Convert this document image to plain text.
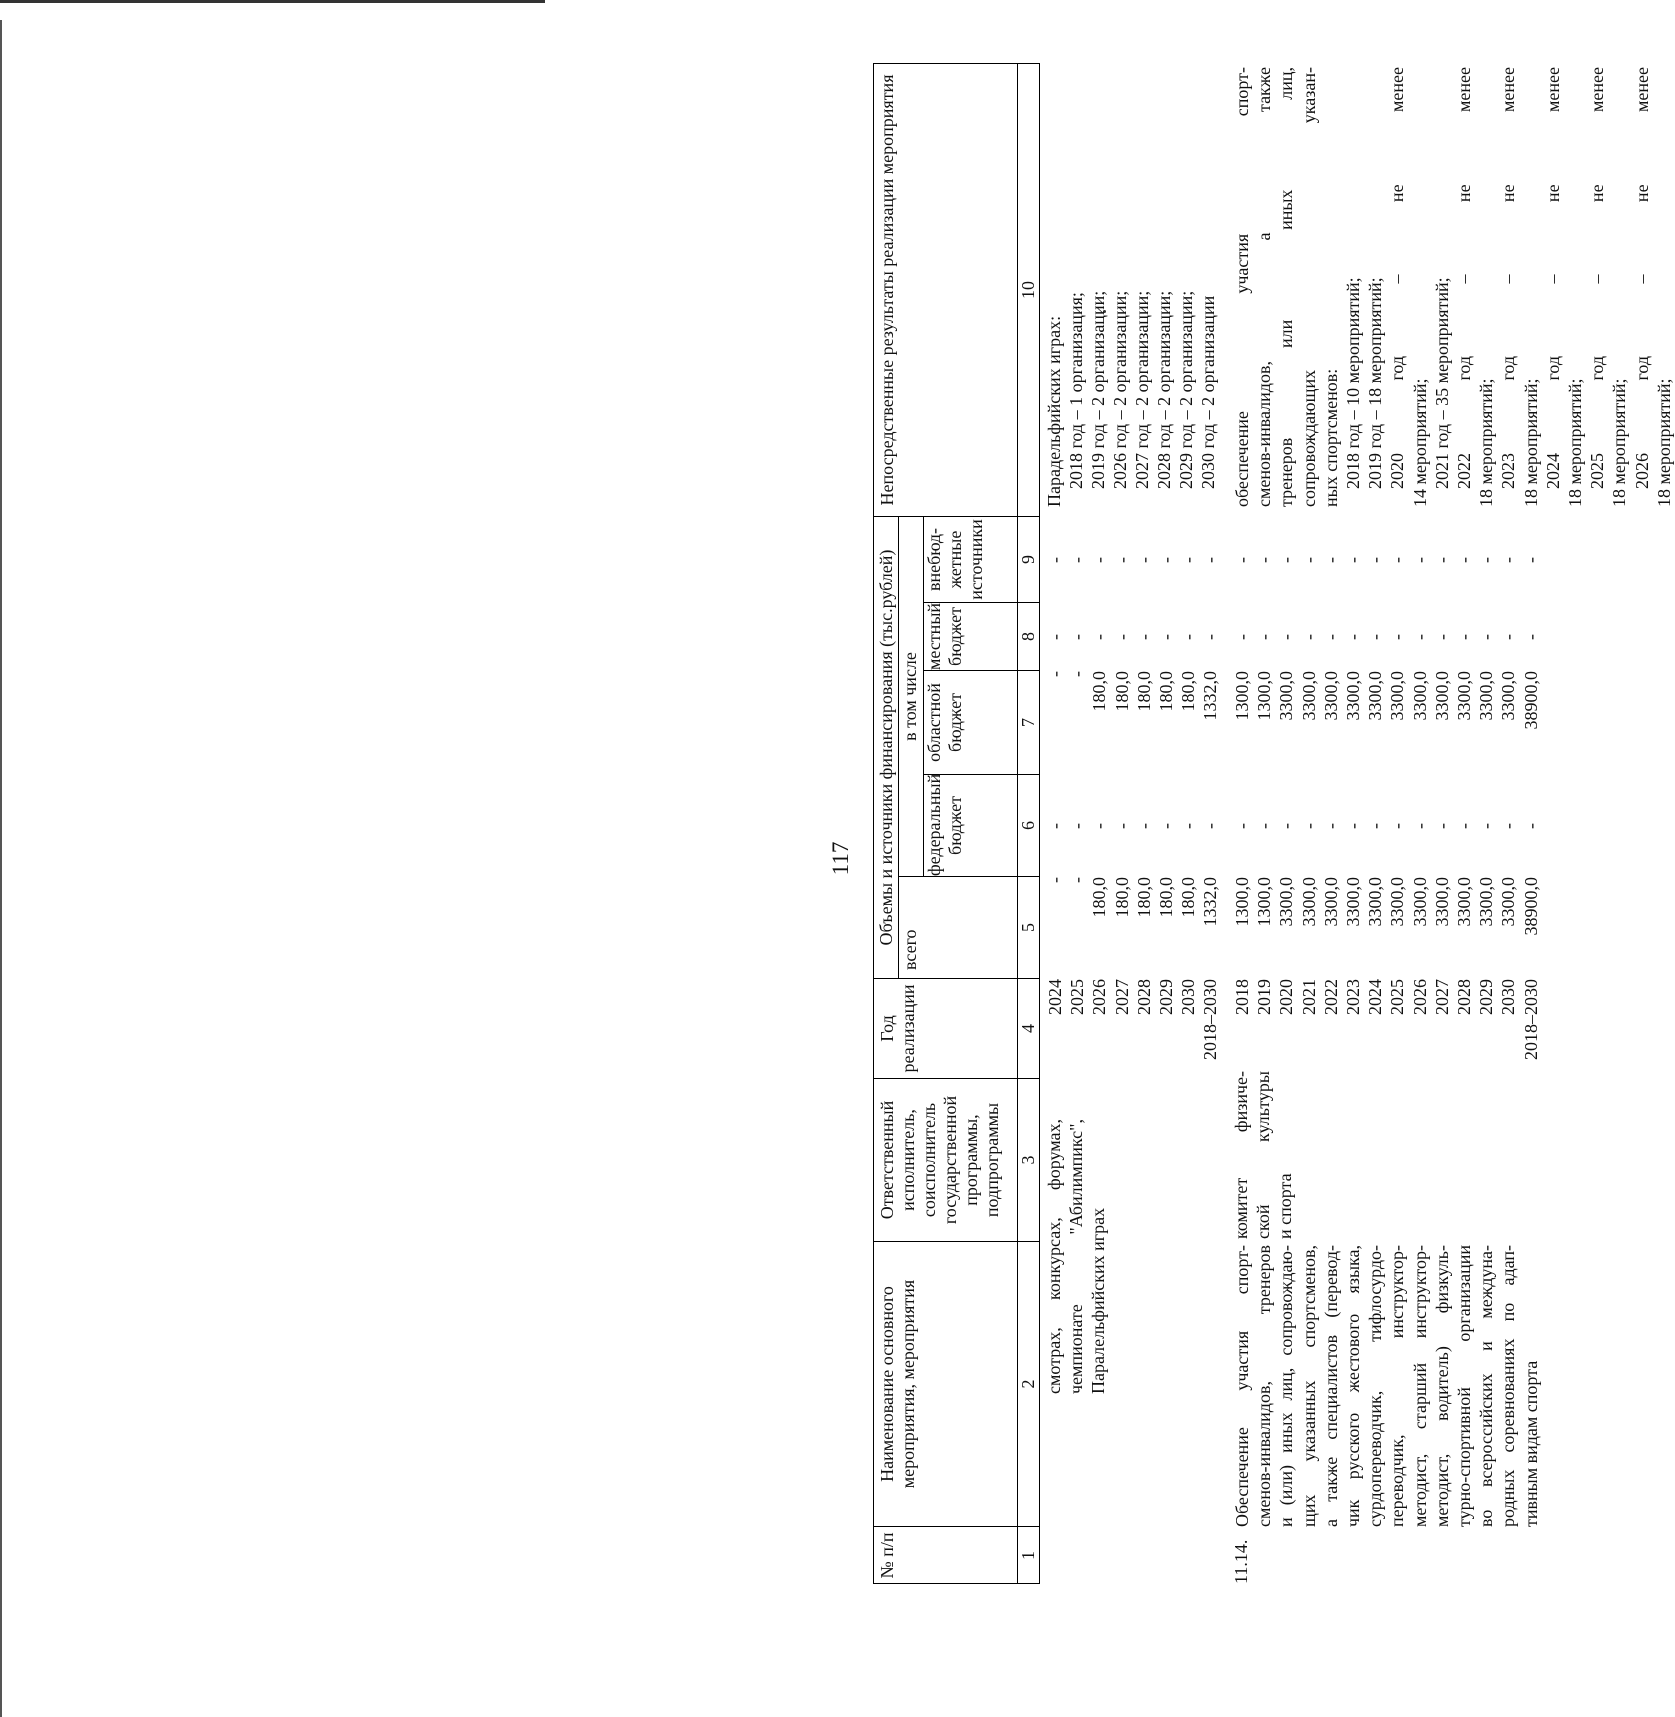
117
№ п/п
Наименование основного мероприятия, мероприятия
Ответственный исполнитель, соисполнитель государственной программы, подпрограммы
Год реализации
Объемы и источники финансирования (тыс.рублей)
всего
в том числе
федеральный бюджет
областной бюджет
местный бюджет
внебюд- жетные источники
Непосредственные результаты реализации мероприятия
1
2
3
4
5
6
7
8
9
10
смотрах, конкурсах, форумах, чемпионате "Абилимпикс", Паралельфийских играх
2024
-
-
-
-
-
2025
-
-
-
-
-
2026
180,0
-
180,0
-
-
2027
180,0
-
180,0
-
-
2028
180,0
-
180,0
-
-
2029
180,0
-
180,0
-
-
2030
180,0
-
180,0
-
-
2018–2030
1332,0
-
1332,0
-
-
Парадельфийских играх: 2018 год – 1 организация; 2019 год – 2 организации; 2026 год – 2 организации; 2027 год – 2 организации; 2028 год – 2 организации; 2029 год – 2 организации; 2030 год – 2 организации
11.14.
Обеспечение участия спорт- сменов-инвалидов, тренеров и (или) иных лиц, сопровождаю- щих указанных спортсменов, а также специалистов (перевод- чик русского жестового языка, сурдопереводчик, тифлосурдо- переводчик, инструктор- методист, старший инструктор- методист, водитель) физкуль- турно-спортивной организации во всероссийских и междуна- родных соревнованиях по адап- тивным видам спорта
комитет физиче- ской культуры и спорта
2018
1300,0
-
1300,0
-
-
2019
1300,0
-
1300,0
-
-
2020
3300,0
-
3300,0
-
-
2021
3300,0
-
3300,0
-
-
2022
3300,0
-
3300,0
-
-
2023
3300,0
-
3300,0
-
-
2024
3300,0
-
3300,0
-
-
2025
3300,0
-
3300,0
-
-
2026
3300,0
-
3300,0
-
-
2027
3300,0
-
3300,0
-
-
2028
3300,0
-
3300,0
-
-
2029
3300,0
-
3300,0
-
-
2030
3300,0
-
3300,0
-
-
2018–2030
38900,0
-
38900,0
-
-
обеспечение участия спорт- сменов-инвалидов, а также тренеров или иных лиц, сопровождающих указан- ных спортсменов: 2018 год – 10 мероприятий; 2019 год – 18 мероприятий; 2020 год – не менее 14 мероприятий; 2021 год – 35 мероприятий; 2022 год – не менее 18 мероприятий; 2023 год – не менее 18 мероприятий; 2024 год – не менее 18 мероприятий; 2025 год – не менее 18 мероприятий; 2026 год – не менее 18 мероприятий;
